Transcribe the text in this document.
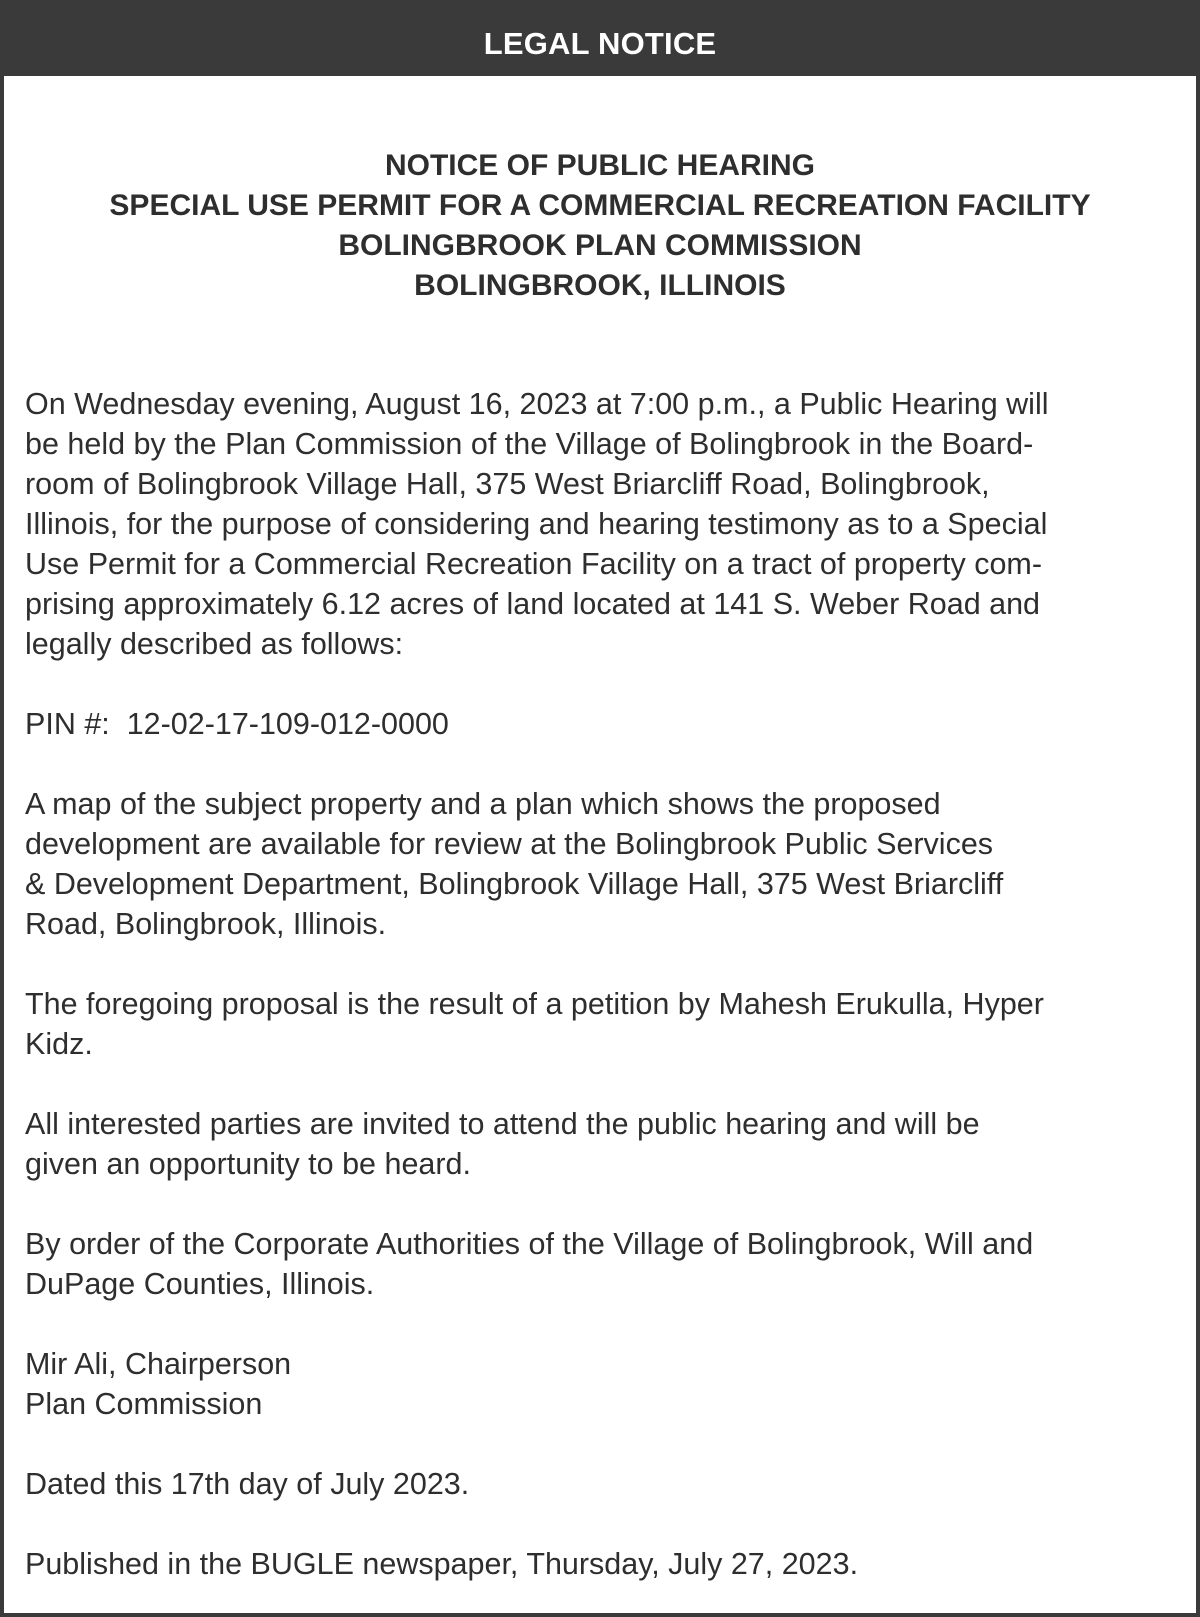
LEGAL NOTICE
NOTICE OF PUBLIC HEARING
SPECIAL USE PERMIT FOR A COMMERCIAL RECREATION FACILITY
BOLINGBROOK PLAN COMMISSION
BOLINGBROOK, ILLINOIS

On Wednesday evening, August 16, 2023 at 7:00 p.m., a Public Hearing will
be held by the Plan Commission of the Village of Bolingbrook in the Board-
room of Bolingbrook Village Hall, 375 West Briarcliff Road, Bolingbrook,
Illinois, for the purpose of considering and hearing testimony as to a Special
Use Permit for a Commercial Recreation Facility on a tract of property com-
prising approximately 6.12 acres of land located at 141 S. Weber Road and
legally described as follows:

PIN #:  12-02-17-109-012-0000

A map of the subject property and a plan which shows the proposed
development are available for review at the Bolingbrook Public Services
& Development Department, Bolingbrook Village Hall, 375 West Briarcliff
Road, Bolingbrook, Illinois.

The foregoing proposal is the result of a petition by Mahesh Erukulla, Hyper
Kidz.

All interested parties are invited to attend the public hearing and will be
given an opportunity to be heard.

By order of the Corporate Authorities of the Village of Bolingbrook, Will and
DuPage Counties, Illinois.

Mir Ali, Chairperson
Plan Commission

Dated this 17th day of July 2023.

Published in the BUGLE newspaper, Thursday, July 27, 2023.
